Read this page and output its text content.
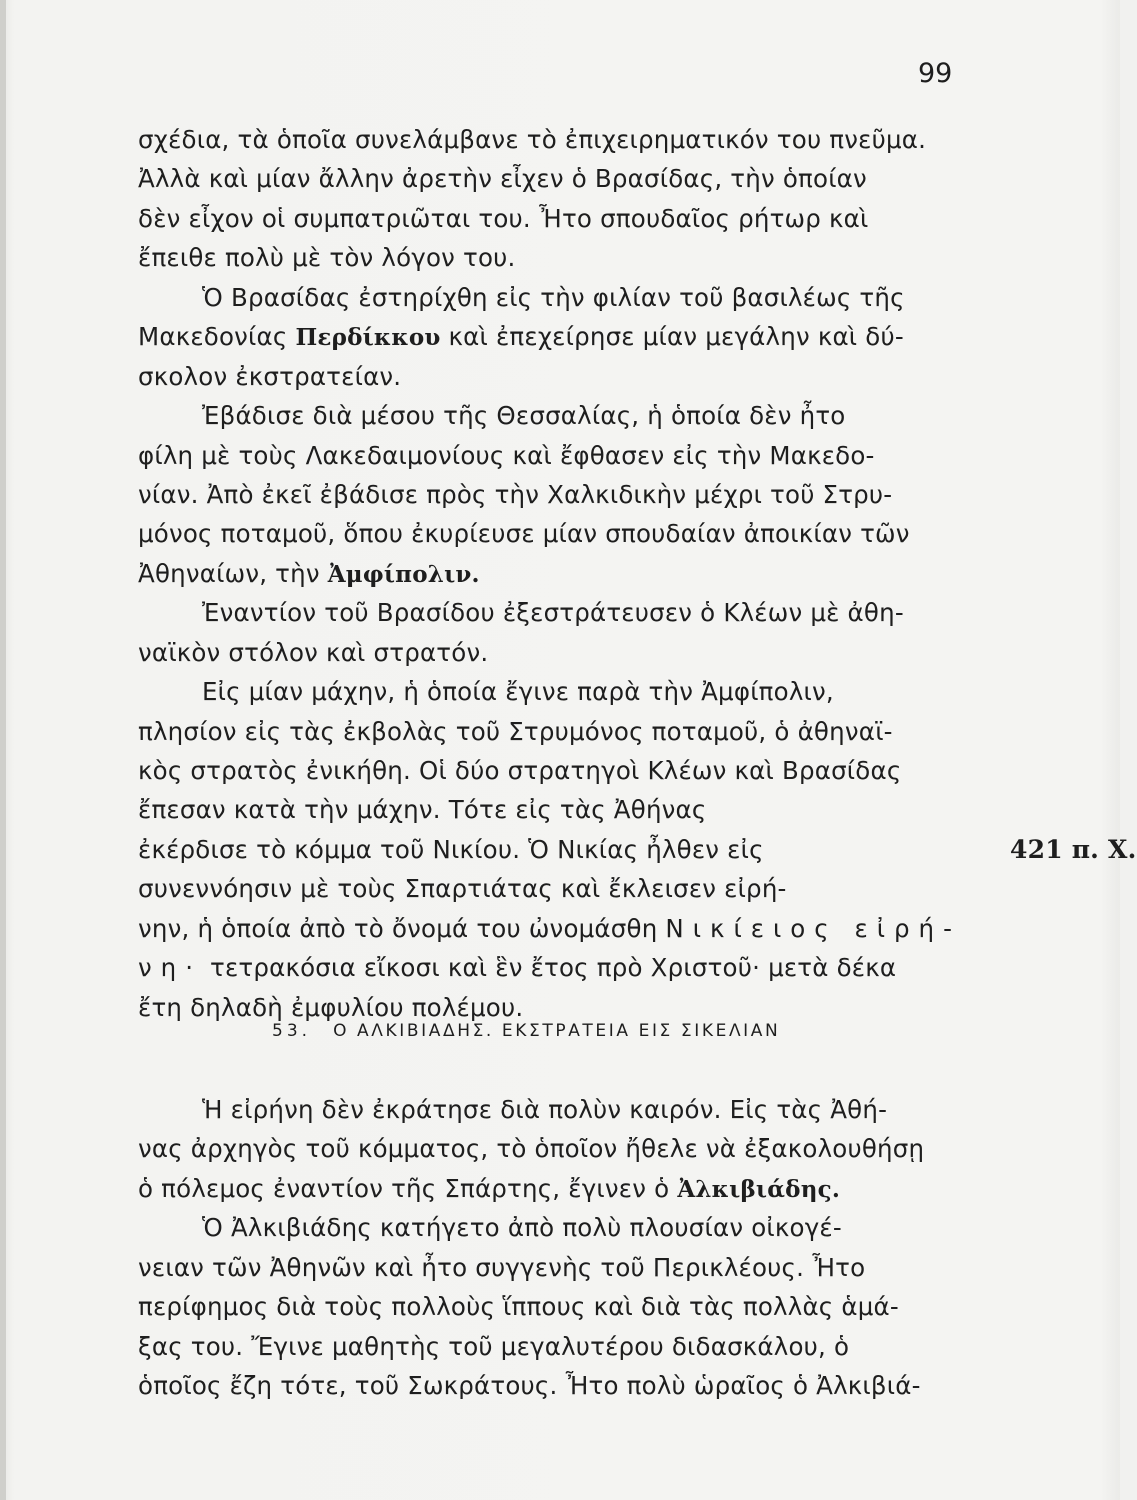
99
σχέδια, τὰ ὁποῖα συνελάμβανε τὸ ἐπιχειρηματικόν του πνεῦμα.
Ἀλλὰ καὶ μίαν ἄλλην ἀρετὴν εἶχεν ὁ Βρασίδας, τὴν ὁποίαν
δὲν εἶχον οἱ συμπατριῶται του. Ἦτο σπουδαῖος ρήτωρ καὶ
ἔπειθε πολὺ μὲ τὸν λόγον του.
Ὁ Βρασίδας ἐστηρίχθη εἰς τὴν φιλίαν τοῦ βασιλέως τῆς
Μακεδονίας Περδίκκου καὶ ἐπεχείρησε μίαν μεγάλην καὶ δύ-
σκολον ἐκστρατείαν.
Ἐβάδισε διὰ μέσου τῆς Θεσσαλίας, ἡ ὁποία δὲν ἦτο
φίλη μὲ τοὺς Λακεδαιμονίους καὶ ἔφθασεν εἰς τὴν Μακεδο-
νίαν. Ἀπὸ ἐκεῖ ἐβάδισε πρὸς τὴν Χαλκιδικὴν μέχρι τοῦ Στρυ-
μόνος ποταμοῦ, ὅπου ἐκυρίευσε μίαν σπουδαίαν ἀποικίαν τῶν
Ἀθηναίων, τὴν Ἀμφίπολιν.
Ἐναντίον τοῦ Βρασίδου ἐξεστράτευσεν ὁ Κλέων μὲ ἀθη-
ναϊκὸν στόλον καὶ στρατόν.
Εἰς μίαν μάχην, ἡ ὁποία ἔγινε παρὰ τὴν Ἀμφίπολιν,
πλησίον εἰς τὰς ἐκβολὰς τοῦ Στρυμόνος ποταμοῦ, ὁ ἀθηναϊ-
κὸς στρατὸς ἐνικήθη. Οἱ δύο στρατηγοὶ Κλέων καὶ Βρασίδας
ἔπεσαν κατὰ τὴν μάχην. Τότε εἰς τὰς Ἀθήνας
ἐκέρδισε τὸ κόμμα τοῦ Νικίου. Ὁ Νικίας ἦλθεν εἰς	421 π. Χ.
συνεννόησιν μὲ τοὺς Σπαρτιάτας καὶ ἔκλεισεν εἰρή-
νην, ἡ ὁποία ἀπὸ τὸ ὄνομά του ὠνομάσθη Νικίειος εἰρή-
νη· τετρακόσια εἴκοσι καὶ ἓν ἔτος πρὸ Χριστοῦ· μετὰ δέκα
ἔτη δηλαδὴ ἐμφυλίου πολέμου.
53. Ο ΑΛΚΙΒΙΑΔΗΣ. ΕΚΣΤΡΑΤΕΙΑ ΕΙΣ ΣΙΚΕΛΙΑΝ
Ἡ εἰρήνη δὲν ἐκράτησε διὰ πολὺν καιρόν. Εἰς τὰς Ἀθή-
νας ἀρχηγὸς τοῦ κόμματος, τὸ ὁποῖον ἤθελε νὰ ἐξακολουθήσῃ
ὁ πόλεμος ἐναντίον τῆς Σπάρτης, ἔγινεν ὁ Ἀλκιβιάδης.
Ὁ Ἀλκιβιάδης κατήγετο ἀπὸ πολὺ πλουσίαν οἰκογέ-
νειαν τῶν Ἀθηνῶν καὶ ἦτο συγγενὴς τοῦ Περικλέους. Ἦτο
περίφημος διὰ τοὺς πολλοὺς ἵππους καὶ διὰ τὰς πολλὰς ἁμά-
ξας του. Ἔγινε μαθητὴς τοῦ μεγαλυτέρου διδασκάλου, ὁ
ὁποῖος ἔζη τότε, τοῦ Σωκράτους. Ἦτο πολὺ ὡραῖος ὁ Ἀλκιβιά-
